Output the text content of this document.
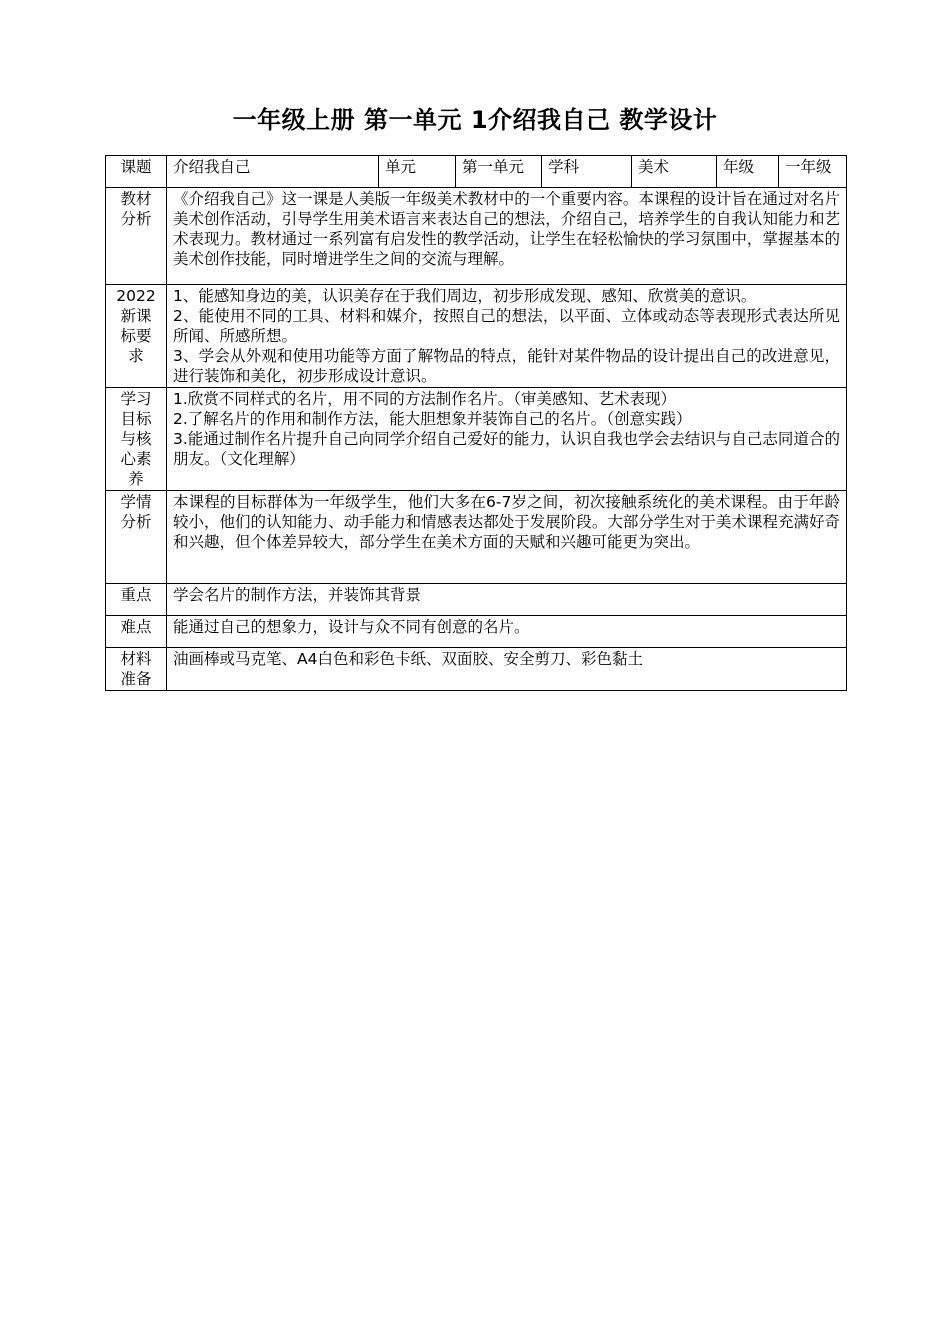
一年级上册 第一单元 1介绍我自己 教学设计
课题	介绍我自己	单元	第一单元	学科	美术	年级	一年级
教材
分析	《介绍我自己》这一课是人美版一年级美术教材中的一个重要内容。本课程的设计旨在通过对名片美术创作活动，引导学生用美术语言来表达自己的想法，介绍自己，培养学生的自我认知能力和艺术表现力。教材通过一系列富有启发性的教学活动，让学生在轻松愉快的学习氛围中，掌握基本的美术创作技能，同时增进学生之间的交流与理解。						
2022
新课
标要
求	1、能感知身边的美，认识美存在于我们周边，初步形成发现、感知、欣赏美的意识。
2、能使用不同的工具、材料和媒介，按照自己的想法，以平面、立体或动态等表现形式表达所见所闻、所感所想。
3、学会从外观和使用功能等方面了解物品的特点，能针对某件物品的设计提出自己的改进意见，进行装饰和美化，初步形成设计意识。						

学习
目标
与核
心素
养	1.欣赏不同样式的名片，用不同的方法制作名片。（审美感知、艺术表现）
2.了解名片的作用和制作方法，能大胆想象并装饰自己的名片。（创意实践）
3.能通过制作名片提升自己向同学介绍自己爱好的能力，认识自我也学会去结识与自己志同道合的朋友。（文化理解）						

学情
分析	本课程的目标群体为一年级学生，他们大多在6-7岁之间，初次接触系统化的美术课程。由于年龄较小，他们的认知能力、动手能力和情感表达都处于发展阶段。大部分学生对于美术课程充满好奇和兴趣，但个体差异较大，部分学生在美术方面的天赋和兴趣可能更为突出。						
重点	学会名片的制作方法，并装饰其背景						
难点	能通过自己的想象力，设计与众不同有创意的名片。						
材料
准备	油画棒或马克笔、A4白色和彩色卡纸、双面胶、安全剪刀、彩色黏土						
